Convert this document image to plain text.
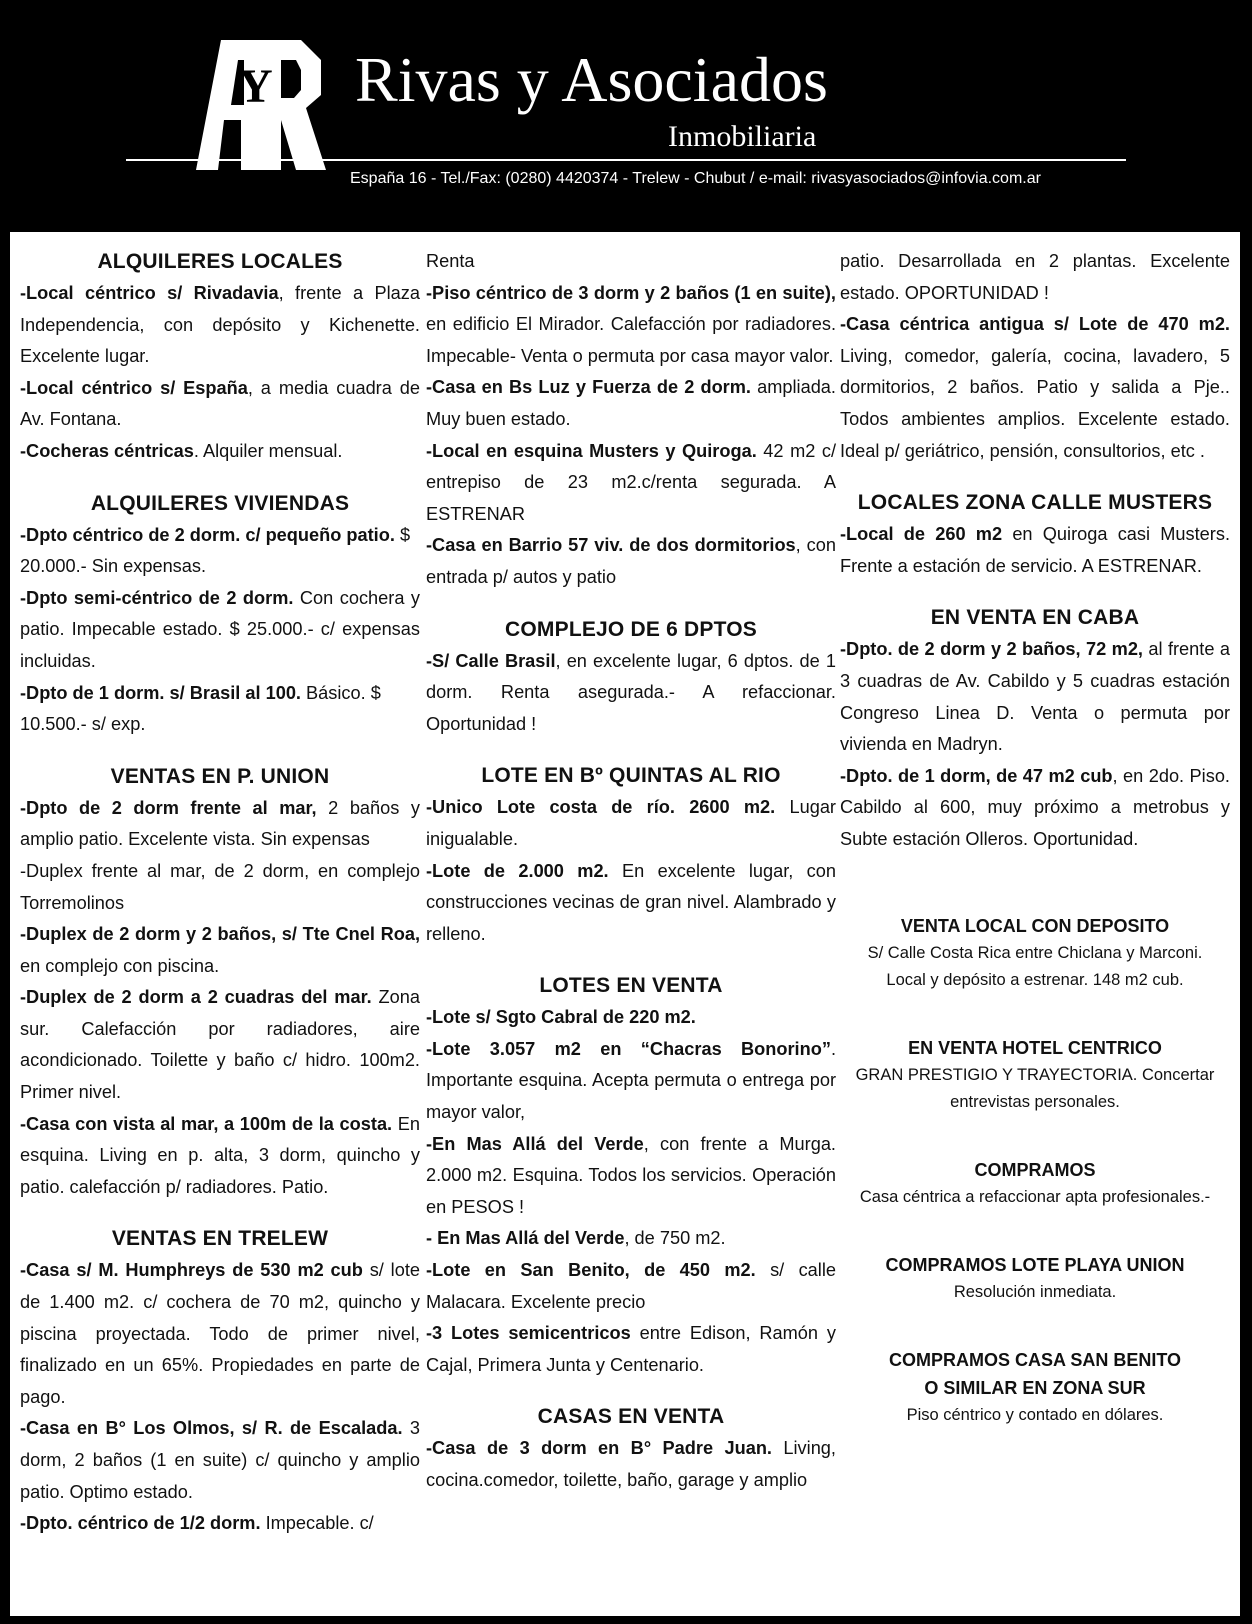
Y Rivas y Asociados
Inmobiliaria
España 16 - Tel./Fax: (0280) 4420374 - Trelew - Chubut / e-mail: rivasyasociados@infovia.com.ar
ALQUILERES LOCALES

-Local céntrico s/ Rivadavia, frente a Plaza Independencia, con depósito y Kichenette. Excelente lugar.

-Local céntrico s/ España, a media cuadra de Av. Fontana.

-Cocheras céntricas. Alquiler mensual.

ALQUILERES VIVIENDAS

-Dpto céntrico de 2 dorm. c/ pequeño patio. $ 20.000.- Sin expensas.

-Dpto semi-céntrico de 2 dorm. Con cochera y patio. Impecable estado. $ 25.000.- c/ expensas incluidas.

-Dpto de 1 dorm. s/ Brasil al 100. Básico. $ 10.500.- s/ exp.

VENTAS EN P. UNION

-Dpto de 2 dorm frente al mar, 2 baños y amplio patio. Excelente vista. Sin expensas

-Duplex frente al mar, de 2 dorm, en complejo Torremolinos

-Duplex de 2 dorm y 2 baños, s/ Tte Cnel Roa, en complejo con piscina.

-Duplex de 2 dorm a 2 cuadras del mar. Zona sur. Calefacción por radiadores, aire acondicionado. Toilette y baño c/ hidro. 100m2. Primer nivel.

-Casa con vista al mar, a 100m de la costa. En esquina. Living en p. alta, 3 dorm, quincho y patio. calefacción p/ radiadores. Patio.

VENTAS EN TRELEW

-Casa s/ M. Humphreys de 530 m2 cub s/ lote de 1.400 m2. c/ cochera de 70 m2, quincho y piscina proyectada. Todo de primer nivel, finalizado en un 65%. Propiedades en parte de pago.

-Casa en B° Los Olmos, s/ R. de Escalada. 3 dorm, 2 baños (1 en suite) c/ quincho y amplio patio. Optimo estado.

-Dpto. céntrico de 1/2 dorm. Impecable. c/

Renta

-Piso céntrico de 3 dorm y 2 baños (1 en suite), en edificio El Mirador. Calefacción por radiadores. Impecable- Venta o permuta por casa mayor valor.

-Casa en Bs Luz y Fuerza de 2 dorm. ampliada. Muy buen estado.

-Local en esquina Musters y Quiroga. 42 m2 c/ entrepiso de 23 m2.c/renta segurada. A ESTRENAR

-Casa en Barrio 57 viv. de dos dormitorios, con entrada p/ autos y patio

COMPLEJO DE 6 DPTOS

-S/ Calle Brasil, en excelente lugar, 6 dptos. de 1 dorm. Renta asegurada.- A refaccionar. Oportunidad !

LOTE EN Bº QUINTAS AL RIO

-Unico Lote costa de río. 2600 m2. Lugar inigualable.

-Lote de 2.000 m2. En excelente lugar, con construcciones vecinas de gran nivel. Alambrado y relleno.

LOTES EN VENTA

-Lote s/ Sgto Cabral de 220 m2.

-Lote 3.057 m2 en “Chacras Bonorino”. Importante esquina. Acepta permuta o entrega por mayor valor,

-En Mas Allá del Verde, con frente a Murga. 2.000 m2. Esquina. Todos los servicios. Operación en PESOS !

- En Mas Allá del Verde, de 750 m2.

-Lote en San Benito, de 450 m2. s/ calle Malacara. Excelente precio

-3 Lotes semicentricos entre Edison, Ramón y Cajal, Primera Junta y Centenario.

CASAS EN VENTA

-Casa de 3 dorm en B° Padre Juan. Living, cocina.comedor, toilette, baño, garage y amplio

patio. Desarrollada en 2 plantas. Excelente estado. OPORTUNIDAD !

-Casa céntrica antigua s/ Lote de 470 m2. Living, comedor, galería, cocina, lavadero, 5 dormitorios, 2 baños. Patio y salida a Pje.. Todos ambientes amplios. Excelente estado. Ideal p/ geriátrico, pensión, consultorios, etc .

LOCALES ZONA CALLE MUSTERS

-Local de 260 m2 en Quiroga casi Musters. Frente a estación de servicio. A ESTRENAR.

EN VENTA EN CABA

-Dpto. de 2 dorm y 2 baños, 72 m2, al frente a 3 cuadras de Av. Cabildo y 5 cuadras estación Congreso Linea D. Venta o permuta por vivienda en Madryn.

-Dpto. de 1 dorm, de 47 m2 cub, en 2do. Piso. Cabildo al 600, muy próximo a metrobus y Subte estación Olleros. Oportunidad.

VENTA LOCAL CON DEPOSITO
S/ Calle Costa Rica entre Chiclana y Marconi.
Local y depósito a estrenar. 148 m2 cub.
EN VENTA HOTEL CENTRICO
GRAN PRESTIGIO Y TRAYECTORIA. Concertar
entrevistas personales.
COMPRAMOS
Casa céntrica a refaccionar apta profesionales.-
COMPRAMOS LOTE PLAYA UNION
Resolución inmediata.
COMPRAMOS CASA SAN BENITO
O SIMILAR EN ZONA SUR
Piso céntrico y contado en dólares.
